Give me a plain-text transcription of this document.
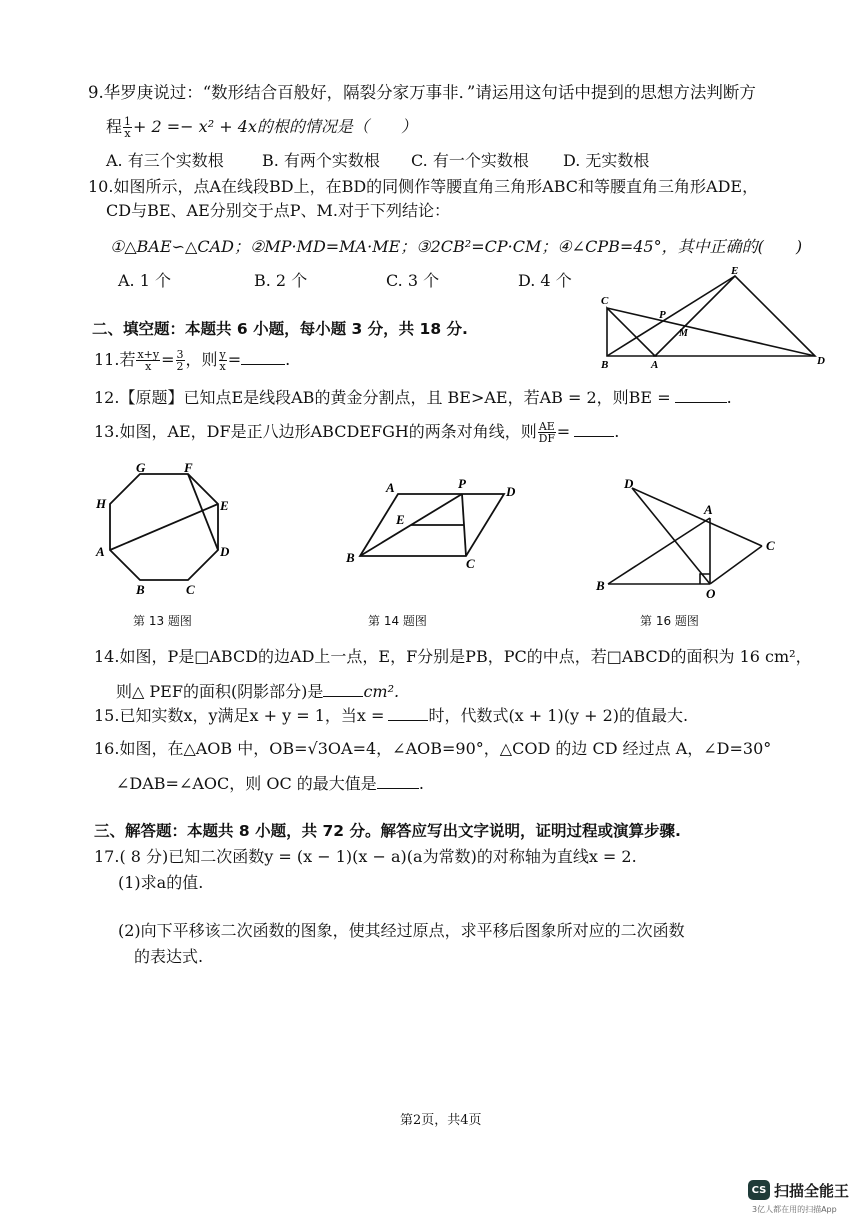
9.华罗庚说过：“数形结合百般好，隔裂分家万事非．”请运用这句话中提到的思想方法判断方
程 $\frac{1}{x} + 2 =- x^2 + 4x$的根的情况是（　　）
A. 有三个实数根 B. 有两个实数根 C. 有一个实数根 D. 无实数根
10.如图所示，点A在线段BD上，在BD的同侧作等腰直角三角形ABC和等腰直角三角形ADE，
CD与BE、AE分别交于点P、M.对于下列结论：
①△BAE∽△CAD；②MP·MD=MA·ME；③2CB²=CP·CM；④∠CPB=45°，其中正确的(　　)
A. 1 个	B. 2 个	C. 3 个	D. 4 个	E
C
P
M
B	A	D
二、填空题：本题共 6 小题，每小题 3 分，共 18 分.
11.若 $\frac{x+y}{x} = \frac{3}{2}$ ，则 $\frac{y}{x}$ =	.
12.【原题】已知点E是线段AB的黄金分割点，且 BE>AE，若AB = 2，则BE =	.
13.如图，AE，DF是正八边形ABCDEFGH的两条对角线，则 $\frac{AE}{DF}$ =	.
G	F
H	E
A	D
B	C
第 13 题图
A	P
D
E
B	C
第 14 题图
D
A
C
B
O
第 16 题图
14.如图，P是□ABCD的边AD上一点，E，F分别是PB，PC的中点，若□ABCD的面积为 16 cm²，
则△ PEF的面积(阴影部分)是	cm².
15.已知实数x，y满足x + y = 1，当x =	时，代数式(x + 1)(y + 2)的值最大.
16.如图，在△AOB 中，OB=√3OA=4，∠AOB=90°，△COD 的边 CD 经过点 A，∠D=30°
∠DAB=∠AOC，则 OC 的最大值是	.
三、解答题：本题共 8 小题，共 72 分。解答应写出文字说明，证明过程或演算步骤.
17.( 8 分)已知二次函数y = (x − 1)(x − a)(a为常数)的对称轴为直线x = 2.
(1)求a的值.
(2)向下平移该二次函数的图象，使其经过原点，求平移后图象所对应的二次函数
的表达式.
第2页，共4页
CS 扫描全能王
3亿人都在用的扫描App
